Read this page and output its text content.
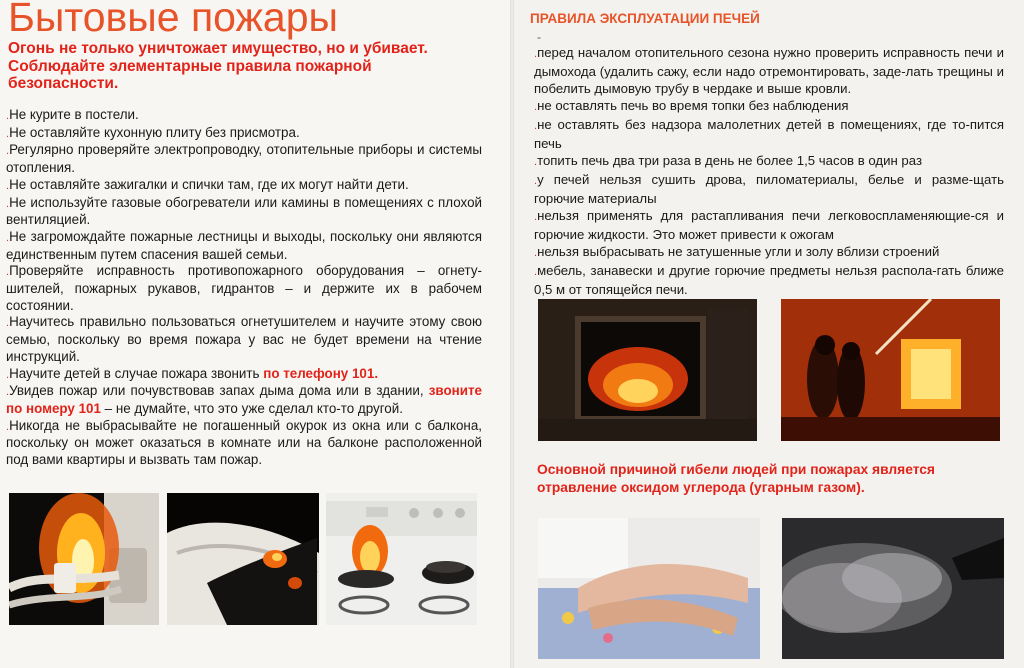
Бытовые пожары

Огонь не только уничтожает имущество, но и убивает. Соблюдайте элементарные правила пожарной безопасности.

.Не курите в постели.
.Не оставляйте кухонную плиту без присмотра.
.Регулярно проверяйте электропроводку, отопительные приборы и системы отопления.
.Не оставляйте зажигалки и спички там, где их могут найти дети.
.Не используйте газовые обогреватели или камины в помещениях с плохой вентиляцией.
.Не загромождайте пожарные лестницы и выходы, поскольку они являются единственным путем спасения вашей семьи.
.Проверяйте исправность противопожарного оборудования – огнету-шителей, пожарных рукавов, гидрантов – и держите их в рабочем состоянии.
.Научитесь правильно пользоваться огнетушителем и научите этому свою семью, поскольку во время пожара у вас не будет времени на чтение инструкций.
.Научите детей в случае пожара звонить по телефону 101.
.Увидев пожар или почувствовав запах дыма дома или в здании, звоните по номеру 101 – не думайте, что это уже сделал кто-то другой.
.Никогда не выбрасывайте не погашенный окурок из окна или с балкона, поскольку он может оказаться в комнате или на балконе расположенной под вами квартиры и вызвать там пожар.
-
ПРАВИЛА ЭКСПЛУАТАЦИИ ПЕЧЕЙ
.перед началом отопительного сезона нужно проверить исправность печи и дымохода (удалить сажу, если надо отремонтировать, заде-лать трещины и побелить дымовую трубу в чердаке и выше кровли.
.не оставлять печь во время топки без наблюдения
.не оставлять без надзора малолетних детей в помещениях, где то-пится печь
.топить печь два три раза в день не более 1,5 часов в один раз
.у печей нельзя сушить дрова, пиломатериалы, белье и разме-щать горючие материалы
.нельзя применять для растапливания печи легковоспламеняющие-ся и горючие жидкости. Это может привести к ожогам
.нельзя выбрасывать не затушенные угли и золу вблизи строений
.мебель, занавески и другие горючие предметы нельзя распола-гать ближе 0,5 м от топящейся печи.

Основной причиной гибели людей при пожарах является отравление оксидом углерода (угарным газом).
